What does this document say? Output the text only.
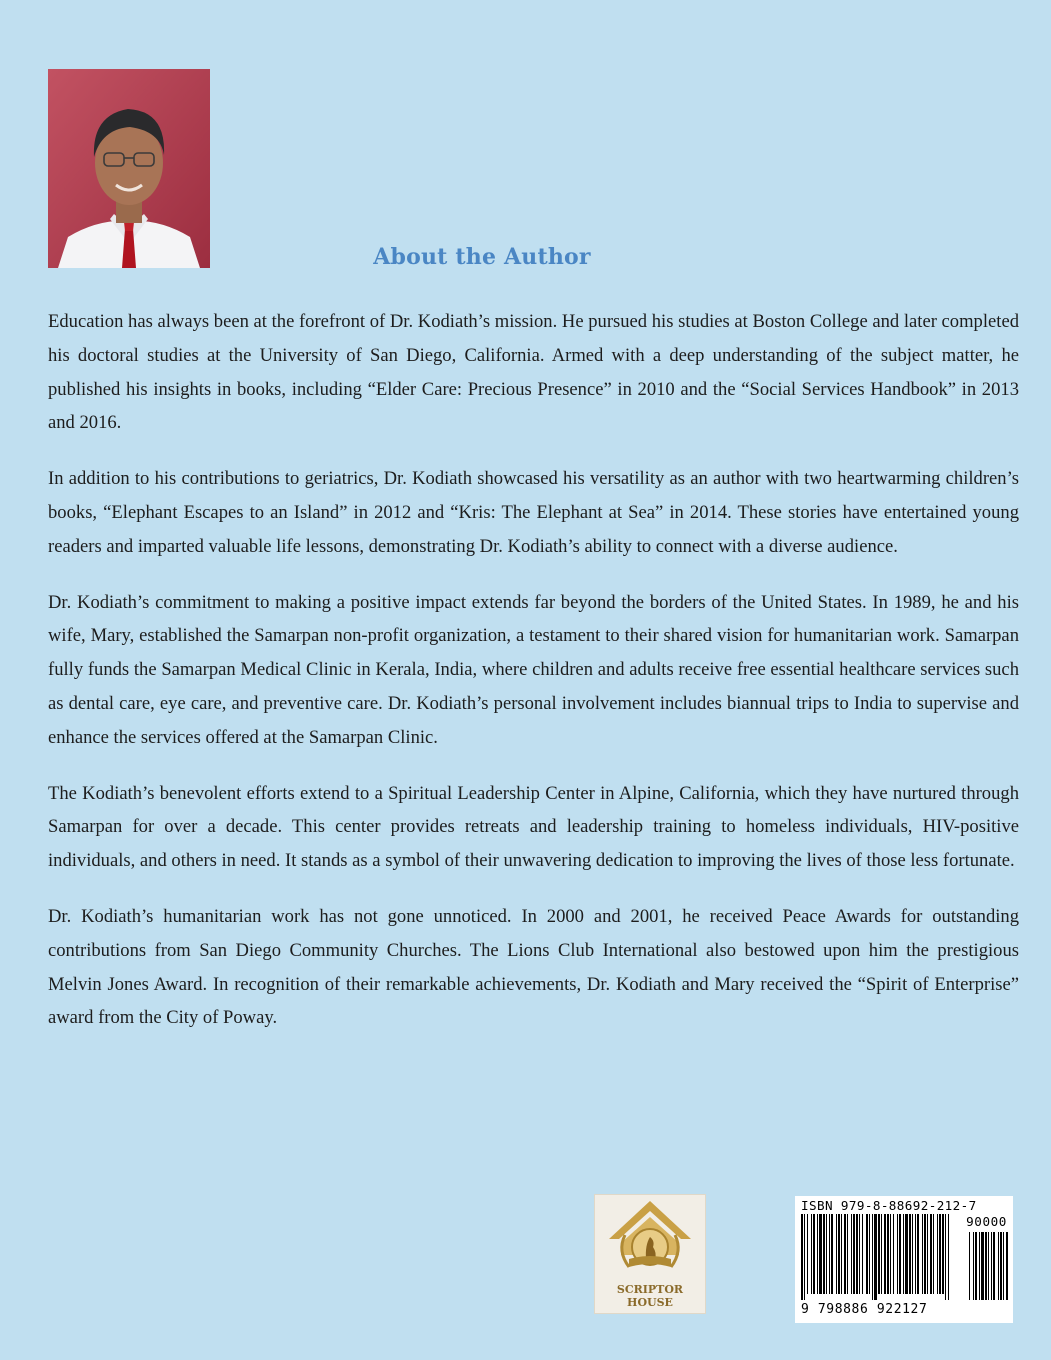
About the Author

Education has always been at the forefront of Dr. Kodiath’s mission. He pursued his studies at Boston College and later completed his doctoral studies at the University of San Diego, California. Armed with a deep understanding of the subject matter, he published his insights in books, including “Elder Care: Precious Presence” in 2010 and the “Social Services Handbook” in 2013 and 2016.

In addition to his contributions to geriatrics, Dr. Kodiath showcased his versatility as an author with two heartwarming children’s books, “Elephant Escapes to an Island” in 2012 and “Kris: The Elephant at Sea” in 2014. These stories have entertained young readers and imparted valuable life lessons, demonstrating Dr. Kodiath’s ability to connect with a diverse audience.

Dr. Kodiath’s commitment to making a positive impact extends far beyond the borders of the United States. In 1989, he and his wife, Mary, established the Samarpan non-profit organization, a testament to their shared vision for humanitarian work. Samarpan fully funds the Samarpan Medical Clinic in Kerala, India, where children and adults receive free essential healthcare services such as dental care, eye care, and preventive care. Dr. Kodiath’s personal involvement includes biannual trips to India to supervise and enhance the services offered at the Samarpan Clinic.

The Kodiath’s benevolent efforts extend to a Spiritual Leadership Center in Alpine, California, which they have nurtured through Samarpan for over a decade. This center provides retreats and leadership training to homeless individuals, HIV-positive individuals, and others in need. It stands as a symbol of their unwavering dedication to improving the lives of those less fortunate.

Dr. Kodiath’s humanitarian work has not gone unnoticed. In 2000 and 2001, he received Peace Awards for outstanding contributions from San Diego Community Churches. The Lions Club International also bestowed upon him the prestigious Melvin Jones Award. In recognition of their remarkable achievements, Dr. Kodiath and Mary received the “Spirit of Enterprise” award from the City of Poway.

SCRIPTOR HOUSE
ISBN 979-8-88692-212-7
90000
9 798886 922127
